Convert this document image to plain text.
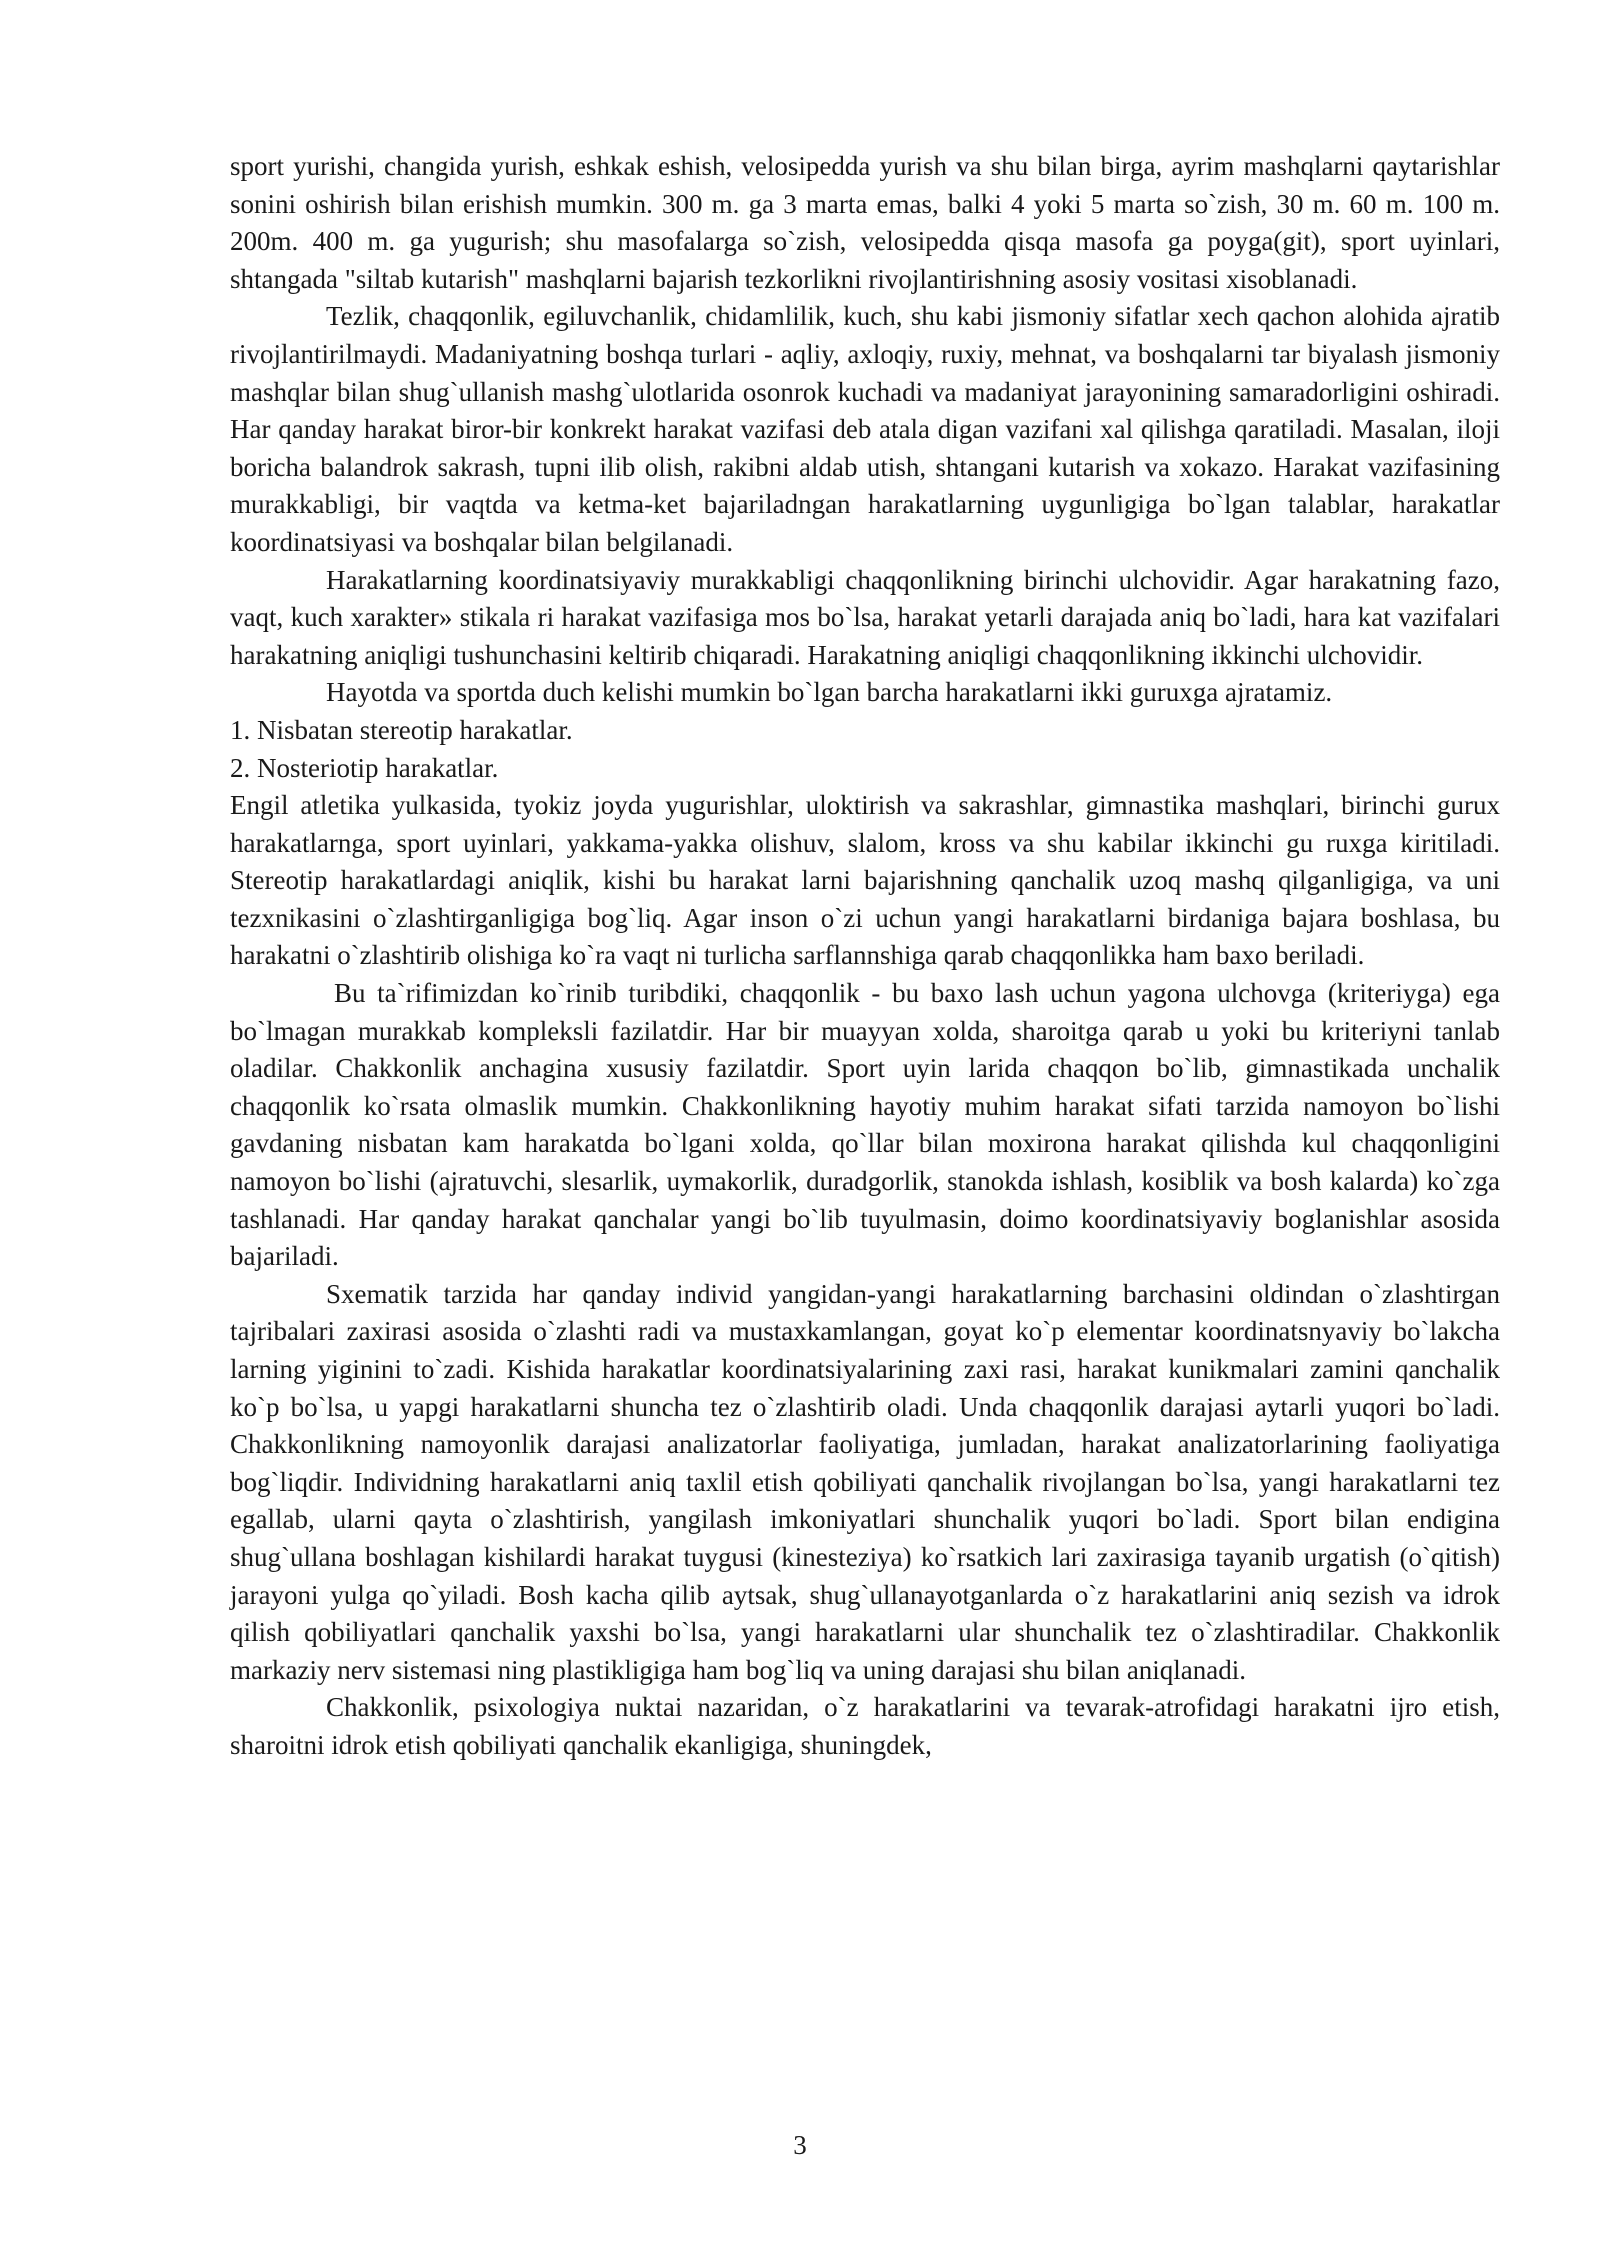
sport yurishi, changida yurish, eshkak eshish, velosipedda yurish va shu bilan birga, ayrim mashqlarni qaytarishlar sonini oshirish bilan erishish mumkin. 300 m. ga 3 marta emas, balki 4 yoki 5 marta so`zish, 30 m. 60 m. 100 m. 200m. 400 m. ga yugurish; shu masofalarga so`zish, velosipedda qisqa masofa ga poyga(git), sport uyinlari, shtangada "siltab kutarish" mashqlarni bajarish tezkorlikni rivojlantirishning asosiy vositasi xisoblanadi.

Tezlik, chaqqonlik, egiluvchanlik, chidamlilik, kuch, shu kabi jismoniy sifatlar xech qachon alohida ajratib rivojlantirilmaydi. Madaniyatning boshqa turlari - aqliy, axloqiy, ruxiy, mehnat, va boshqalarni tar biyalash jismoniy mashqlar bilan shug`ullanish mashg`ulotlarida osonrok kuchadi va madaniyat jarayonining samaradorligini oshiradi. Har qanday harakat biror-bir konkrekt harakat vazifasi deb atala digan vazifani xal qilishga qaratiladi. Masalan, iloji boricha balandrok sakrash, tupni ilib olish, rakibni aldab utish, shtangani kutarish va xokazo. Harakat vazifasining murakkabligi, bir vaqtda va ketma-ket bajariladngan harakatlarning uygunligiga bo`lgan talablar, harakatlar koordinatsiyasi va boshqalar bilan belgilanadi.

Harakatlarning koordinatsiyaviy murakkabligi chaqqonlikning birinchi ulchovidir. Agar harakatning fazo, vaqt, kuch xarakter» stikala ri harakat vazifasiga mos bo`lsa, harakat yetarli darajada aniq bo`ladi, hara kat vazifalari harakatning aniqligi tushunchasini keltirib chiqaradi. Harakatning aniqligi chaqqonlikning ikkinchi ulchovidir.

Hayotda va sportda duch kelishi mumkin bo`lgan barcha harakatlarni ikki guruxga ajratamiz.

1. Nisbatan stereotip harakatlar.

2. Nosteriotip harakatlar.

Engil atletika yulkasida, tyokiz joyda yugurishlar, uloktirish va sakrashlar, gimnastika mashqlari, birinchi gurux harakatlarnga, sport uyinlari, yakkama-yakka olishuv, slalom, kross va shu kabilar ikkinchi gu ruxga kiritiladi. Stereotip harakatlardagi aniqlik, kishi bu harakat larni bajarishning qanchalik uzoq mashq qilganligiga, va uni tezxnikasini o`zlashtirganligiga bog`liq. Agar inson o`zi uchun yangi harakatlarni birdaniga bajara boshlasa, bu harakatni o`zlashtirib olishiga ko`ra vaqt ni turlicha sarflannshiga qarab chaqqonlikka ham baxo beriladi.

Bu ta`rifimizdan ko`rinib turibdiki, chaqqonlik - bu baxo lash uchun yagona ulchovga (kriteriyga) ega bo`lmagan murakkab kompleksli fazilatdir. Har bir muayyan xolda, sharoitga qarab u yoki bu kriteriyni tanlab oladilar. Chakkonlik anchagina xususiy fazilatdir. Sport uyin larida chaqqon bo`lib, gimnastikada unchalik chaqqonlik ko`rsata olmaslik mumkin. Chakkonlikning hayotiy muhim harakat sifati tarzida namoyon bo`lishi gavdaning nisbatan kam harakatda bo`lgani xolda, qo`llar bilan moxirona harakat qilishda kul chaqqonligini namoyon bo`lishi (ajratuvchi, slesarlik, uymakorlik, duradgorlik, stanokda ishlash, kosiblik va bosh kalarda) ko`zga tashlanadi. Har qanday harakat qanchalar yangi bo`lib tuyulmasin, doimo koordinatsiyaviy boglanishlar asosida bajariladi.

Sxematik tarzida har qanday individ yangidan-yangi harakatlarning barchasini oldindan o`zlashtirgan tajribalari zaxirasi asosida o`zlashti radi va mustaxkamlangan, goyat ko`p elementar koordinatsnyaviy bo`lakcha larning yiginini to`zadi. Kishida harakatlar koordinatsiyalarining zaxi rasi, harakat kunikmalari zamini qanchalik ko`p bo`lsa, u yapgi harakatlarni shuncha tez o`zlashtirib oladi. Unda chaqqonlik darajasi aytarli yuqori bo`ladi. Chakkonlikning namoyonlik darajasi analizatorlar faoliyatiga, jumladan, harakat analizatorlarining faoliyatiga bog`liqdir. Individning harakatlarni aniq taxlil etish qobiliyati qanchalik rivojlangan bo`lsa, yangi harakatlarni tez egallab, ularni qayta o`zlashtirish, yangilash imkoniyatlari shunchalik yuqori bo`ladi. Sport bilan endigina shug`ullana boshlagan kishilardi harakat tuygusi (kinesteziya) ko`rsatkich lari zaxirasiga tayanib urgatish (o`qitish) jarayoni yulga qo`yiladi. Bosh kacha qilib aytsak, shug`ullanayotganlarda o`z harakatlarini aniq sezish va idrok qilish qobiliyatlari qanchalik yaxshi bo`lsa, yangi harakatlarni ular shunchalik tez o`zlashtiradilar. Chakkonlik markaziy nerv sistemasi ning plastikligiga ham bog`liq va uning darajasi shu bilan aniqlanadi.

Chakkonlik, psixologiya nuktai nazaridan, o`z harakatlarini va tevarak-atrofidagi harakatni ijro etish, sharoitni idrok etish qobiliyati qanchalik ekanligiga, shuningdek,

3
